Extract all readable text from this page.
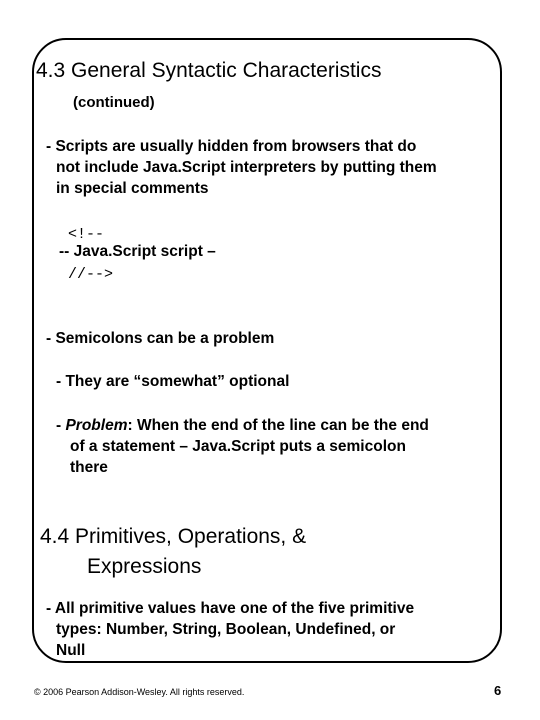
4.3 General Syntactic Characteristics
(continued)
- Scripts are usually hidden from browsers that do
not include Java.Script interpreters by putting them
in special comments
<!--
-- Java.Script script –
//-->
- Semicolons can be a problem
- They are “somewhat” optional
- Problem: When the end of the line can be the end
of a statement – Java.Script puts a semicolon
there
4.4 Primitives, Operations, &
Expressions
- All primitive values have one of the five primitive
types: Number, String, Boolean, Undefined, or
Null
© 2006 Pearson Addison-Wesley. All rights reserved.	6
